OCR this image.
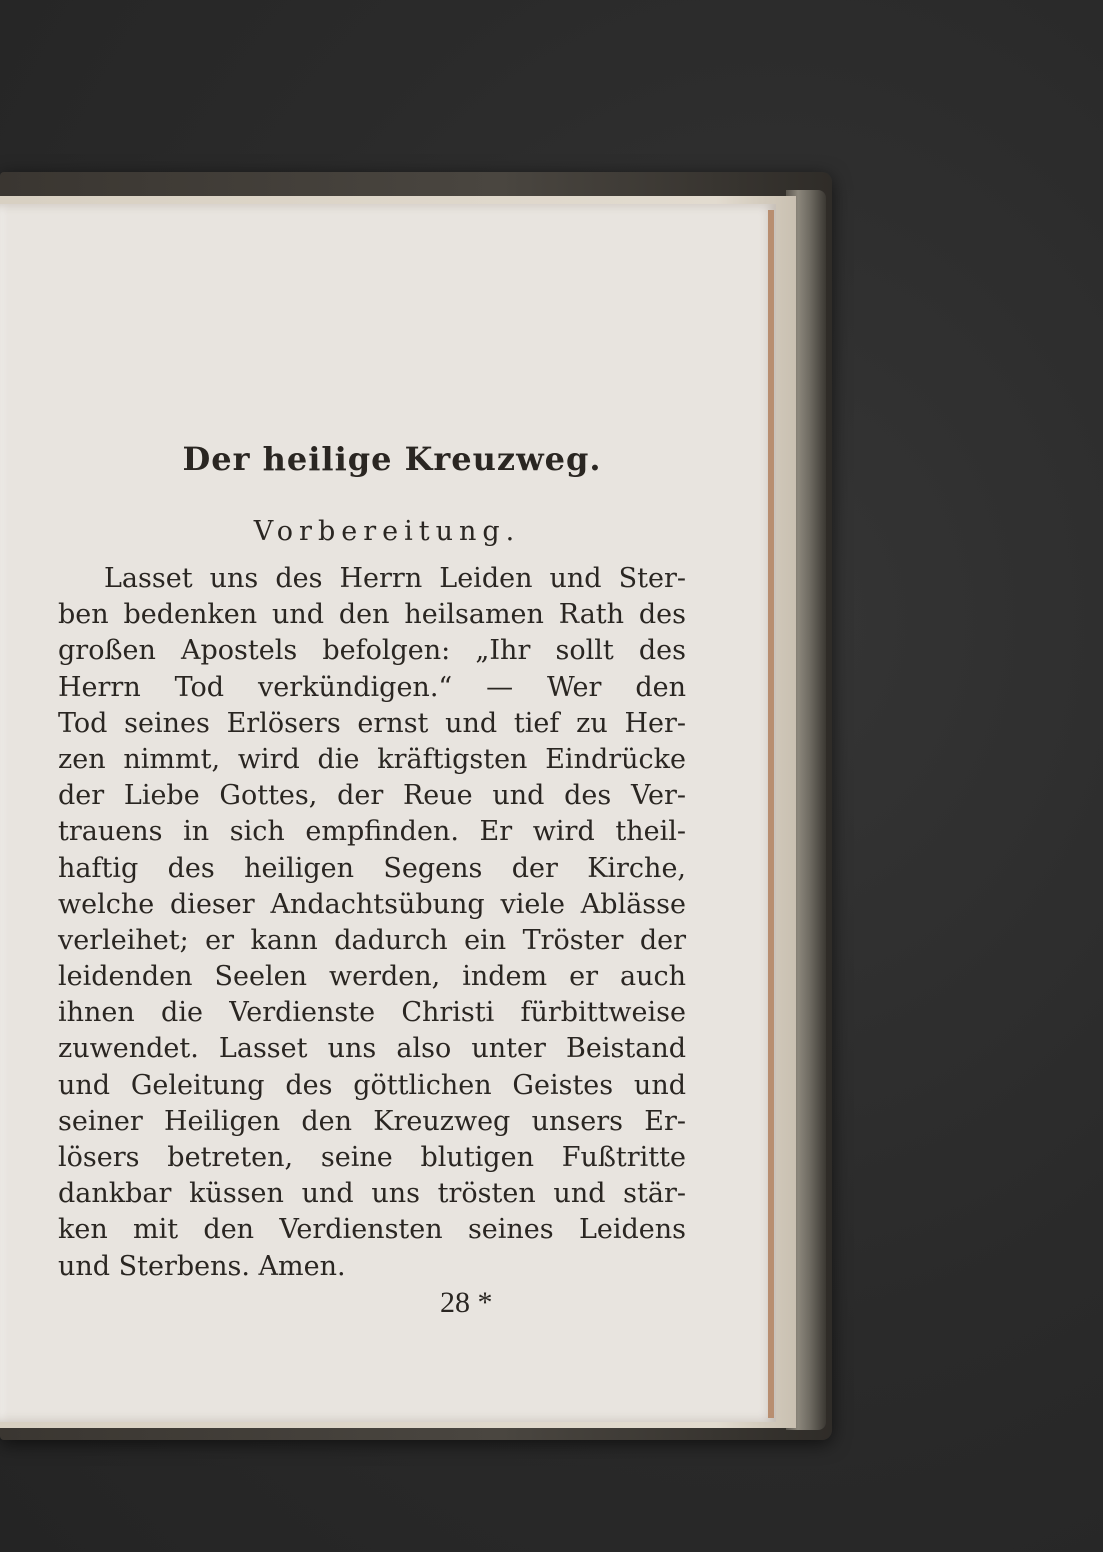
Der heilige Kreuzweg.
Vorbereitung.
Lasset uns des Herrn Leiden und Ster-
ben bedenken und den heilsamen Rath des
großen Apostels befolgen: „Ihr sollt des
Herrn Tod verkündigen.“ — Wer den
Tod seines Erlösers ernst und tief zu Her-
zen nimmt, wird die kräftigsten Eindrücke
der Liebe Gottes, der Reue und des Ver-
trauens in sich empfinden. Er wird theil-
haftig des heiligen Segens der Kirche,
welche dieser Andachtsübung viele Ablässe
verleihet; er kann dadurch ein Tröster der
leidenden Seelen werden, indem er auch
ihnen die Verdienste Christi fürbittweise
zuwendet. Lasset uns also unter Beistand
und Geleitung des göttlichen Geistes und
seiner Heiligen den Kreuzweg unsers Er-
lösers betreten, seine blutigen Fußtritte
dankbar küssen und uns trösten und stär-
ken mit den Verdiensten seines Leidens
und Sterbens. Amen.
28 *
